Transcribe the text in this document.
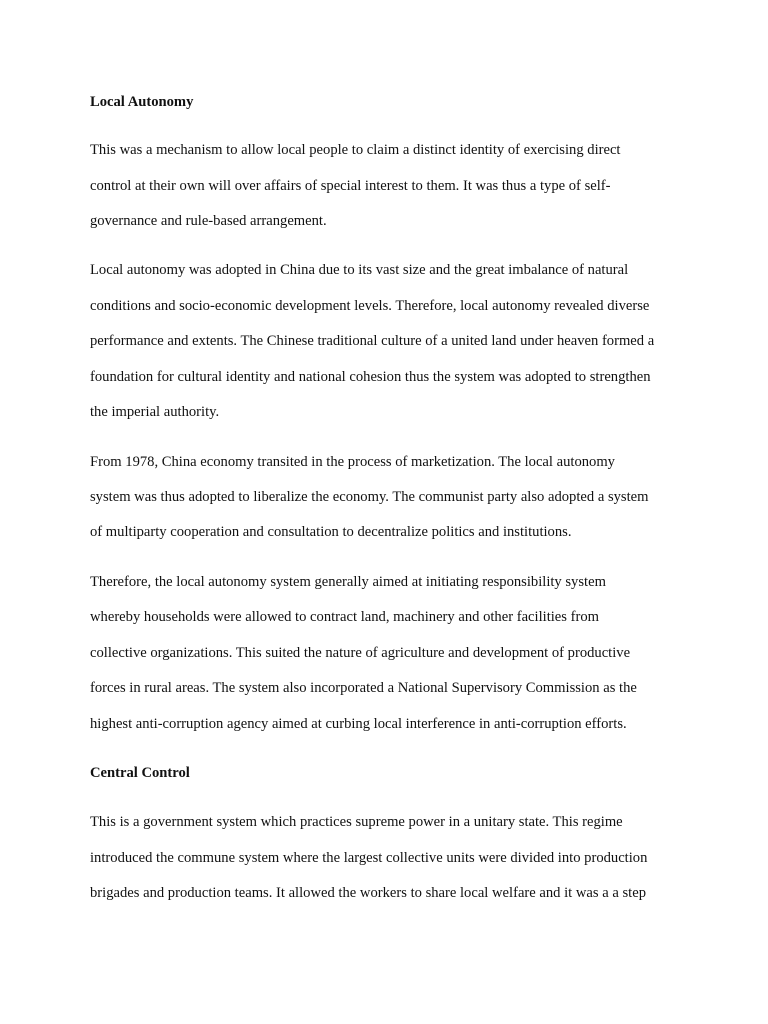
Local Autonomy
This was a mechanism to allow local people to claim a distinct identity of exercising direct
control at their own will over affairs of special interest to them. It was thus a type of self-
governance and rule-based arrangement.
Local autonomy was adopted in China due to its vast size and the great imbalance of natural
conditions and socio-economic development levels. Therefore, local autonomy revealed diverse
performance and extents. The Chinese traditional culture of a united land under heaven formed a
foundation for cultural identity and national cohesion thus the system was adopted to strengthen
the imperial authority.
From 1978, China economy transited in the process of marketization. The local autonomy
system was thus adopted to liberalize the economy. The communist party also adopted a system
of multiparty cooperation and consultation to decentralize politics and institutions.
Therefore, the local autonomy system generally aimed at initiating responsibility system
whereby households were allowed to contract land, machinery and other facilities from
collective organizations. This suited the nature of agriculture and development of productive
forces in rural areas. The system also incorporated a National Supervisory Commission as the
highest anti-corruption agency aimed at curbing local interference in anti-corruption efforts.
Central Control
This is a government system which practices supreme power in a unitary state. This regime
introduced the commune system where the largest collective units were divided into production
brigades and production teams. It allowed the workers to share local welfare and it was a a step
